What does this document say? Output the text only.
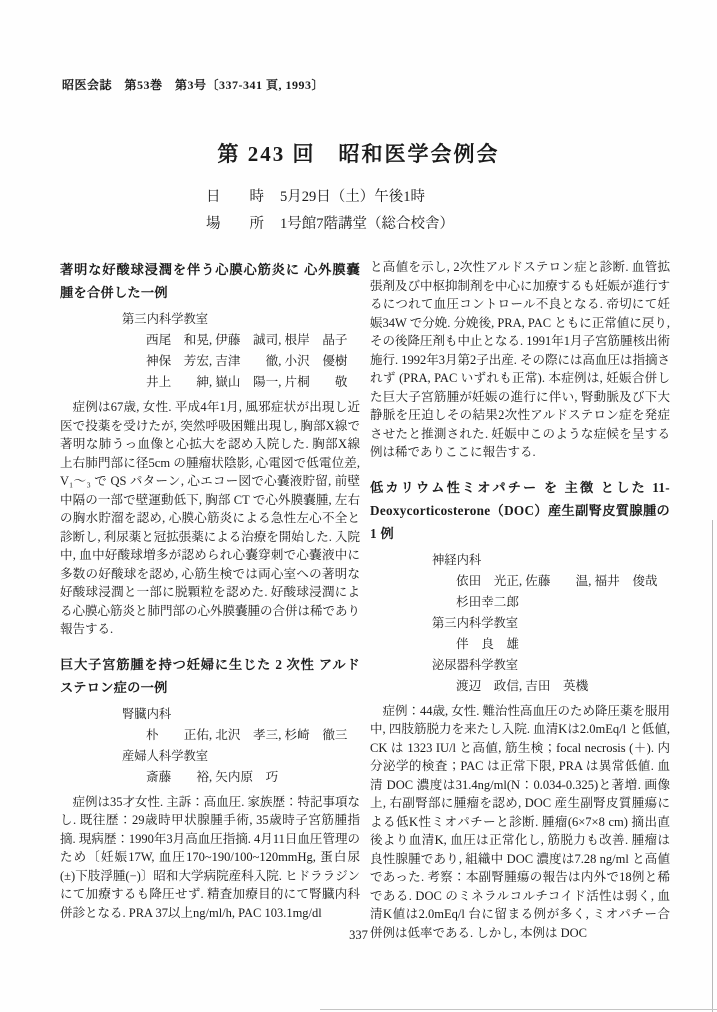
昭医会誌　第53巻　第3号〔337-341 頁, 1993〕
第 243 回　昭和医学会例会
日　　時 5月29日（土）午後1時
場　　所 1号館7階講堂（総合校舎）
著明な好酸球浸潤を伴う心膜心筋炎に 心外膜嚢腫を合併した一例
第三内科学教室
西尾　和晃, 伊藤　誠司, 根岸　晶子
神保　芳宏, 吉津　　徹, 小沢　優樹
井上　　紳, 嶽山　陽一, 片桐　　敬

症例は67歳, 女性. 平成4年1月, 風邪症状が出現し近医で投薬を受けたが, 突然呼吸困難出現し, 胸部X線で著明な肺うっ血像と心拡大を認め入院した. 胸部X線上右肺門部に径5cm の腫瘤状陰影, 心電図で低電位差, V₁～₃ で QS パターン, 心エコー図で心嚢液貯留, 前壁中隔の一部で壁運動低下, 胸部 CT で心外膜嚢腫, 左右の胸水貯溜を認め, 心膜心筋炎による急性左心不全と診断し, 利尿薬と冠拡張薬による治療を開始した. 入院中, 血中好酸球増多が認められ心嚢穿刺で心嚢液中に多数の好酸球を認め, 心筋生検では両心室への著明な好酸球浸潤と一部に脱顆粒を認めた. 好酸球浸潤による心膜心筋炎と肺門部の心外膜嚢腫の合併は稀であり報告する.

巨大子宮筋腫を持つ妊婦に生じた 2 次性 アルドステロン症の一例
腎臓内科
朴　　正佑, 北沢　孝三, 杉崎　徹三
産婦人科学教室
斎藤　　裕, 矢内原　巧

症例は35才女性. 主訴：高血圧. 家族歴：特記事項なし. 既往歴：29歳時甲状腺腫手術, 35歳時子宮筋腫指摘. 現病歴：1990年3月高血圧指摘. 4月11日血圧管理のため〔妊娠17W, 血圧170~190/100~120mmHg, 蛋白尿(±)下肢浮腫(−)〕昭和大学病院産科入院. ヒドララジンにて加療するも降圧せず. 精査加療目的にて腎臓内科併診となる. PRA 37以上ng/ml/h, PAC 103.1mg/dl

と高値を示し, 2次性アルドステロン症と診断. 血管拡張剤及び中枢抑制剤を中心に加療するも妊娠が進行するにつれて血圧コントロール不良となる. 帝切にて妊娠34W で分娩. 分娩後, PRA, PAC ともに正常値に戻り, その後降圧剤も中止となる. 1991年1月子宮筋腫核出術施行. 1992年3月第2子出産. その際には高血圧は指摘されず (PRA, PAC いずれも正常). 本症例は, 妊娠合併した巨大子宮筋腫が妊娠の進行に伴い, 腎動脈及び下大静脈を圧迫しその結果2次性アルドステロン症を発症させたと推測された. 妊娠中このような症候を呈する例は稀でありここに報告する.

低カリウム性ミオパチー を 主徴 とした 11-Deoxycorticosterone（DOC）産生副腎皮質腺腫の 1 例
神経内科
依田　光正, 佐藤　　温, 福井　俊哉
杉田幸二郎
第三内科学教室
伴　良　雄
泌尿器科学教室
渡辺　政信, 吉田　英機

症例：44歳, 女性. 難治性高血圧のため降圧薬を服用中, 四肢筋脱力を来たし入院. 血清Kは2.0mEq/l と低値, CK は 1323 IU/l と高値, 筋生検；focal necrosis (＋). 内分泌学的検査；PAC は正常下限, PRA は異常低値. 血清 DOC 濃度は31.4ng/ml(N：0.034-0.325)と著増. 画像上, 右副腎部に腫瘤を認め, DOC 産生副腎皮質腫瘍による低K性ミオパチーと診断. 腫瘤(6×7×8 cm) 摘出直後より血清K, 血圧は正常化し, 筋脱力も改善. 腫瘤は良性腺腫であり, 組織中 DOC 濃度は7.28 ng/ml と高値であった. 考察：本副腎腫瘍の報告は内外で18例と稀である. DOC のミネラルコルチコイド活性は弱く, 血清K値は2.0mEq/l 台に留まる例が多く, ミオパチー合併例は低率である. しかし, 本例は DOC

337
